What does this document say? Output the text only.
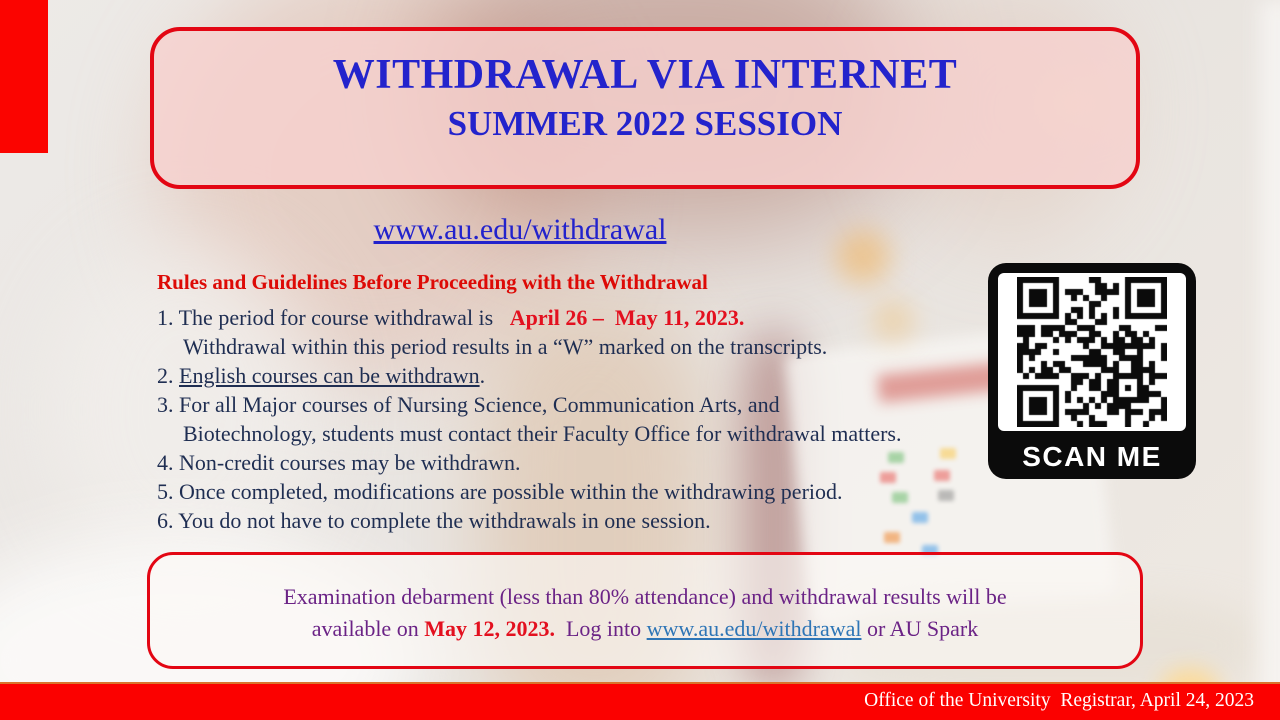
WITHDRAWAL VIA INTERNET
SUMMER 2022 SESSION
www.au.edu/withdrawal
Rules and Guidelines Before Proceeding with the Withdrawal
1. The period for course withdrawal is   April 26 –  May 11, 2023.
Withdrawal within this period results in a “W” marked on the transcripts.
2. English courses can be withdrawn.
3. For all Major courses of Nursing Science, Communication Arts, and
Biotechnology, students must contact their Faculty Office for withdrawal matters.
4. Non-credit courses may be withdrawn.
5. Once completed, modifications are possible within the withdrawing period.
6. You do not have to complete the withdrawals in one session.
SCAN ME
Examination debarment (less than 80% attendance) and withdrawal results will be
available on May 12, 2023.  Log into www.au.edu/withdrawal or AU Spark
Office of the University  Registrar, April 24, 2023
